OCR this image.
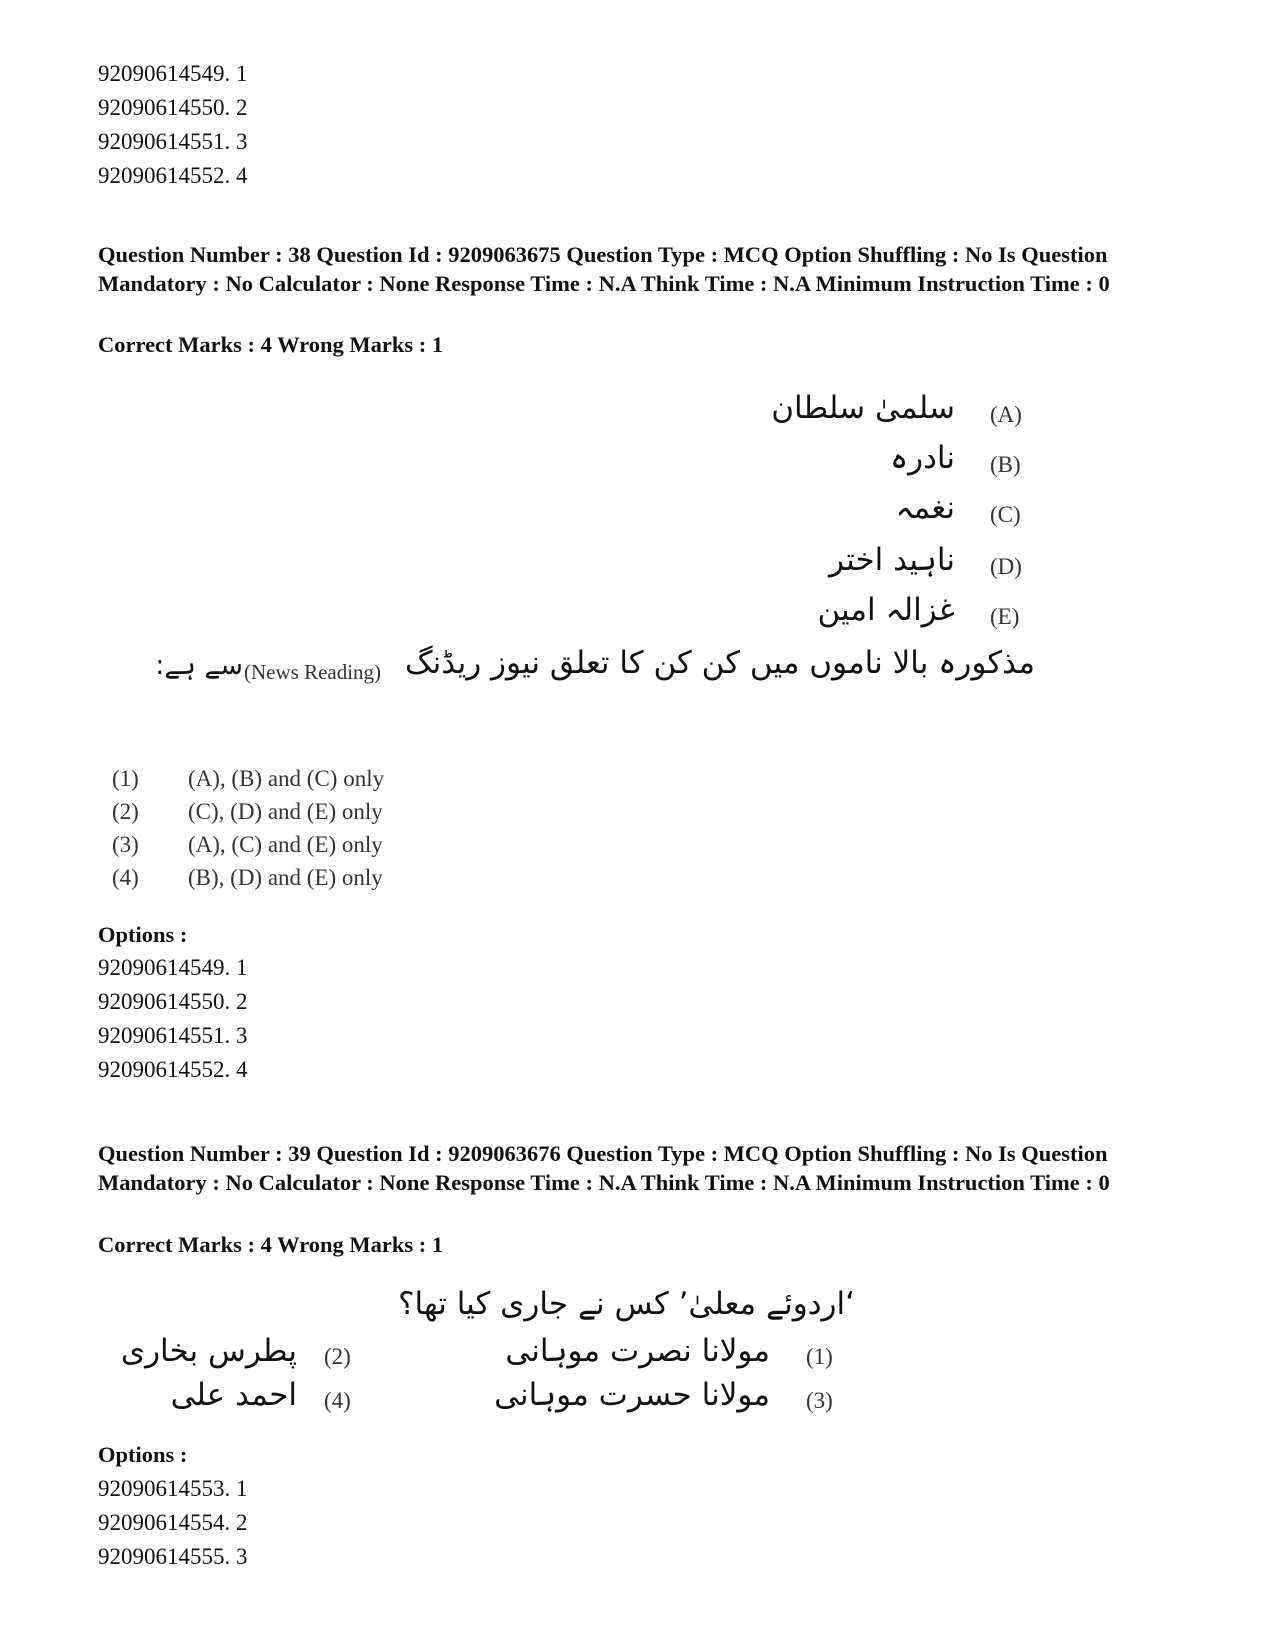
92090614549. 1
92090614550. 2
92090614551. 3
92090614552. 4
Question Number : 38 Question Id : 9209063675 Question Type : MCQ Option Shuffling : No Is Question Mandatory : No Calculator : None Response Time : N.A Think Time : N.A Minimum Instruction Time : 0
Correct Marks : 4 Wrong Marks : 1
سلمیٰ سلطان (A)
نادرہ (B)
نغمہ (C)
ناہید اختر (D)
غزالہ امین (E)
مذکورہ بالا ناموں میں کن کن کا تعلق نیوز ریڈنگ
(News Reading)
سے ہے:
(1) (A), (B) and (C) only
(2) (C), (D) and (E) only
(3) (A), (C) and (E) only
(4) (B), (D) and (E) only
Options :
92090614549. 1
92090614550. 2
92090614551. 3
92090614552. 4
Question Number : 39 Question Id : 9209063676 Question Type : MCQ Option Shuffling : No Is Question Mandatory : No Calculator : None Response Time : N.A Think Time : N.A Minimum Instruction Time : 0
Correct Marks : 4 Wrong Marks : 1
‘اردوئے معلیٰ’ کس نے جاری کیا تھا؟
(1)
مولانا نصرت موہانی
(2)
پطرس بخاری
(3)
مولانا حسرت موہانی
(4)
احمد علی
Options :
92090614553. 1
92090614554. 2
92090614555. 3
